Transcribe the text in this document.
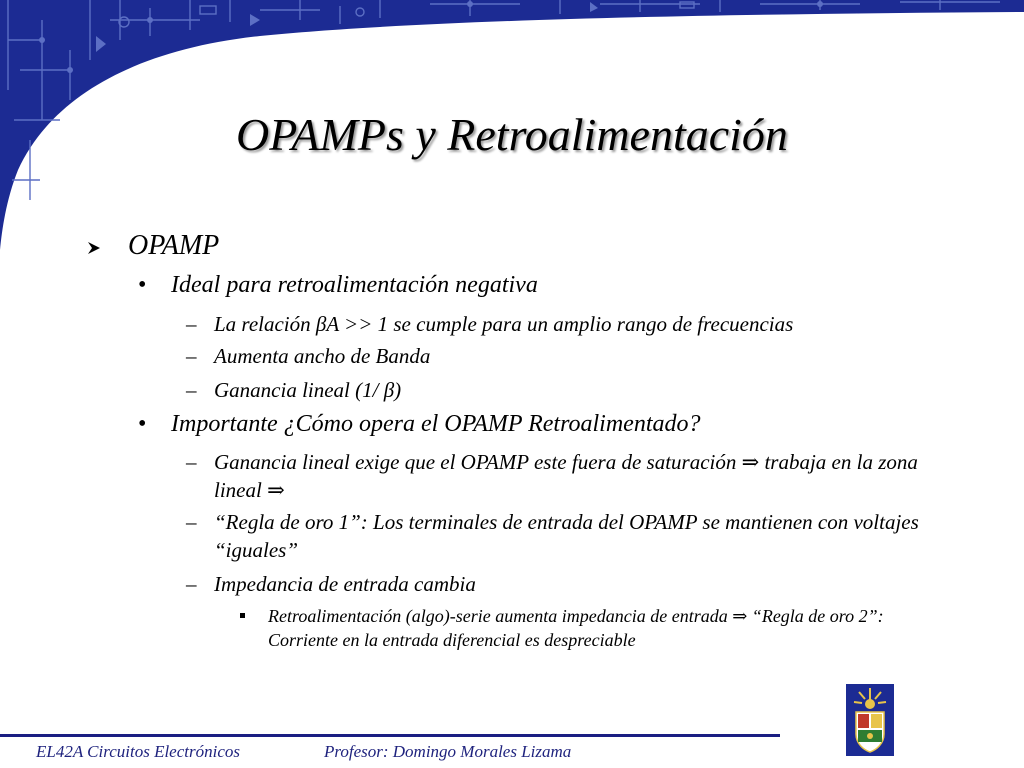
OPAMPs y Retroalimentación
OPAMP
• Ideal para retroalimentación negativa
– La relación βA >> 1 se cumple para un amplio rango de frecuencias
– Aumenta ancho de Banda
– Ganancia lineal (1/ β)
• Importante ¿Cómo opera el OPAMP Retroalimentado?
– Ganancia lineal exige que el OPAMP este fuera de saturación ⇒ trabaja en la zona lineal ⇒
– “Regla de oro 1”: Los terminales de entrada del OPAMP se mantienen con voltajes “iguales”
– Impedancia de entrada cambia
Retroalimentación (algo)-serie aumenta impedancia de entrada ⇒ “Regla de oro 2”: Corriente en la entrada diferencial es despreciable
EL42A Circuitos Electrónicos	Profesor: Domingo Morales Lizama
